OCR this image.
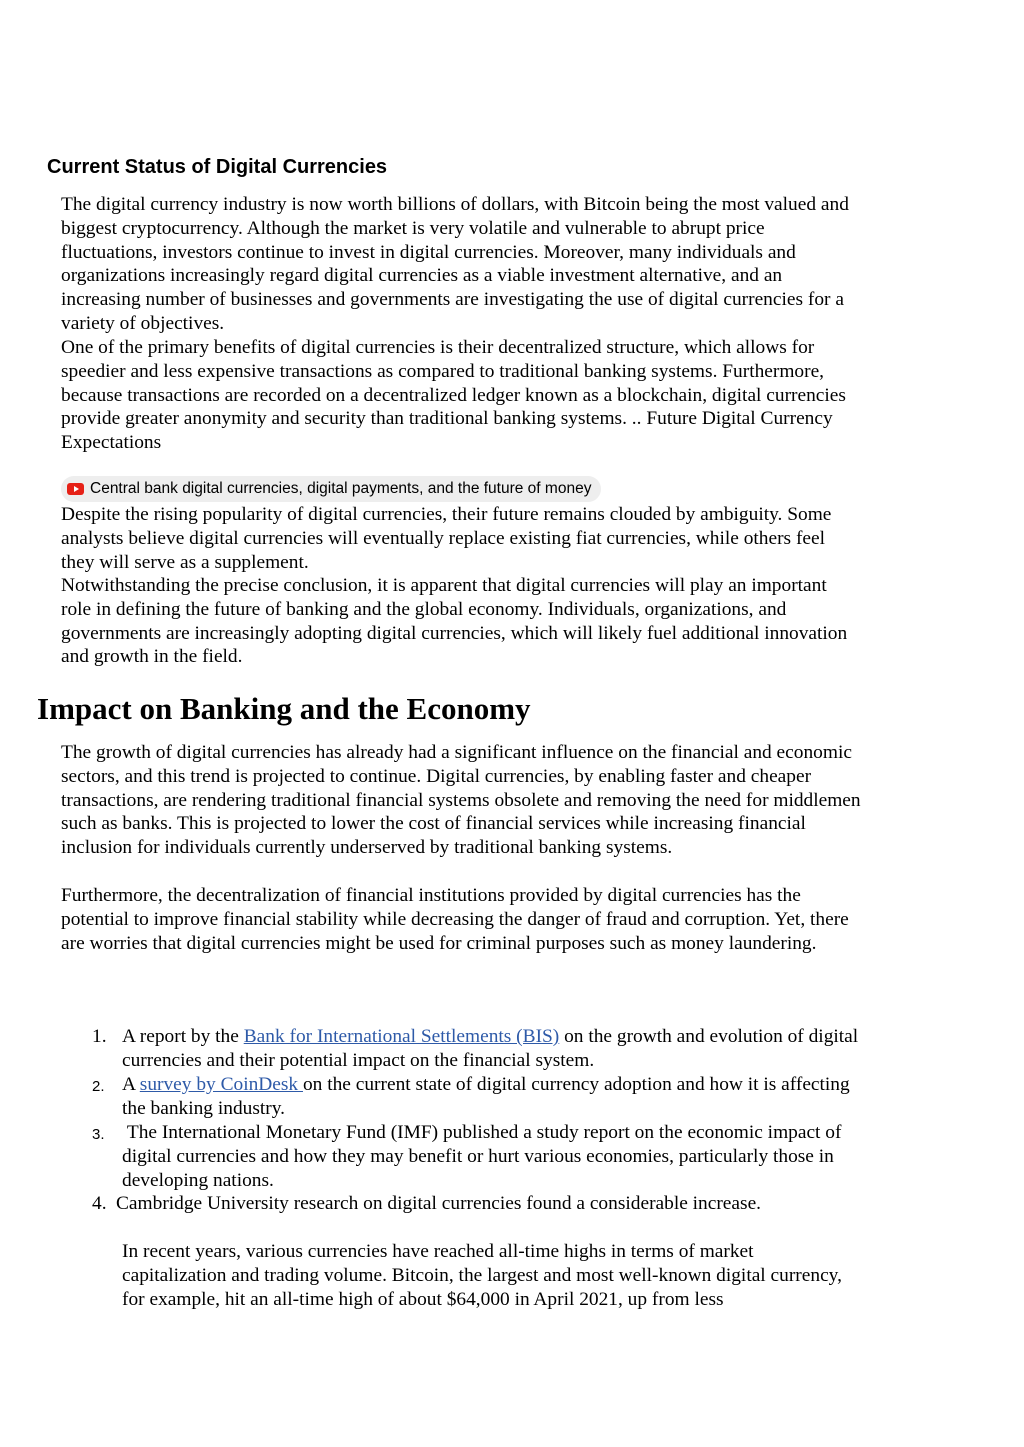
Current Status of Digital Currencies

The digital currency industry is now worth billions of dollars, with Bitcoin being the most valued and biggest cryptocurrency. Although the market is very volatile and vulnerable to abrupt price fluctuations, investors continue to invest in digital currencies. Moreover, many individuals and organizations increasingly regard digital currencies as a viable investment alternative, and an increasing number of businesses and governments are investigating the use of digital currencies for a variety of objectives.

One of the primary benefits of digital currencies is their decentralized structure, which allows for speedier and less expensive transactions as compared to traditional banking systems. Furthermore, because transactions are recorded on a decentralized ledger known as a blockchain, digital currencies provide greater anonymity and security than traditional banking systems. .. Future Digital Currency Expectations

Central bank digital currencies, digital payments, and the future of money

Despite the rising popularity of digital currencies, their future remains clouded by ambiguity. Some analysts believe digital currencies will eventually replace existing fiat currencies, while others feel they will serve as a supplement.

Notwithstanding the precise conclusion, it is apparent that digital currencies will play an important role in defining the future of banking and the global economy. Individuals, organizations, and governments are increasingly adopting digital currencies, which will likely fuel additional innovation and growth in the field.

Impact on Banking and the Economy

The growth of digital currencies has already had a significant influence on the financial and economic sectors, and this trend is projected to continue. Digital currencies, by enabling faster and cheaper transactions, are rendering traditional financial systems obsolete and removing the need for middlemen such as banks. This is projected to lower the cost of financial services while increasing financial inclusion for individuals currently underserved by traditional banking systems.

Furthermore, the decentralization of financial institutions provided by digital currencies has the potential to improve financial stability while decreasing the danger of fraud and corruption. Yet, there are worries that digital currencies might be used for criminal purposes such as money laundering.

1. A report by the Bank for International Settlements (BIS) on the growth and evolution of digital currencies and their potential impact on the financial system.
2. A survey by CoinDesk on the current state of digital currency adoption and how it is affecting the banking industry.
3. The International Monetary Fund (IMF) published a study report on the economic impact of digital currencies and how they may benefit or hurt various economies, particularly those in developing nations.
4. Cambridge University research on digital currencies found a considerable increase.

In recent years, various currencies have reached all-time highs in terms of market capitalization and trading volume. Bitcoin, the largest and most well-known digital currency, for example, hit an all-time high of about $64,000 in April 2021, up from less
